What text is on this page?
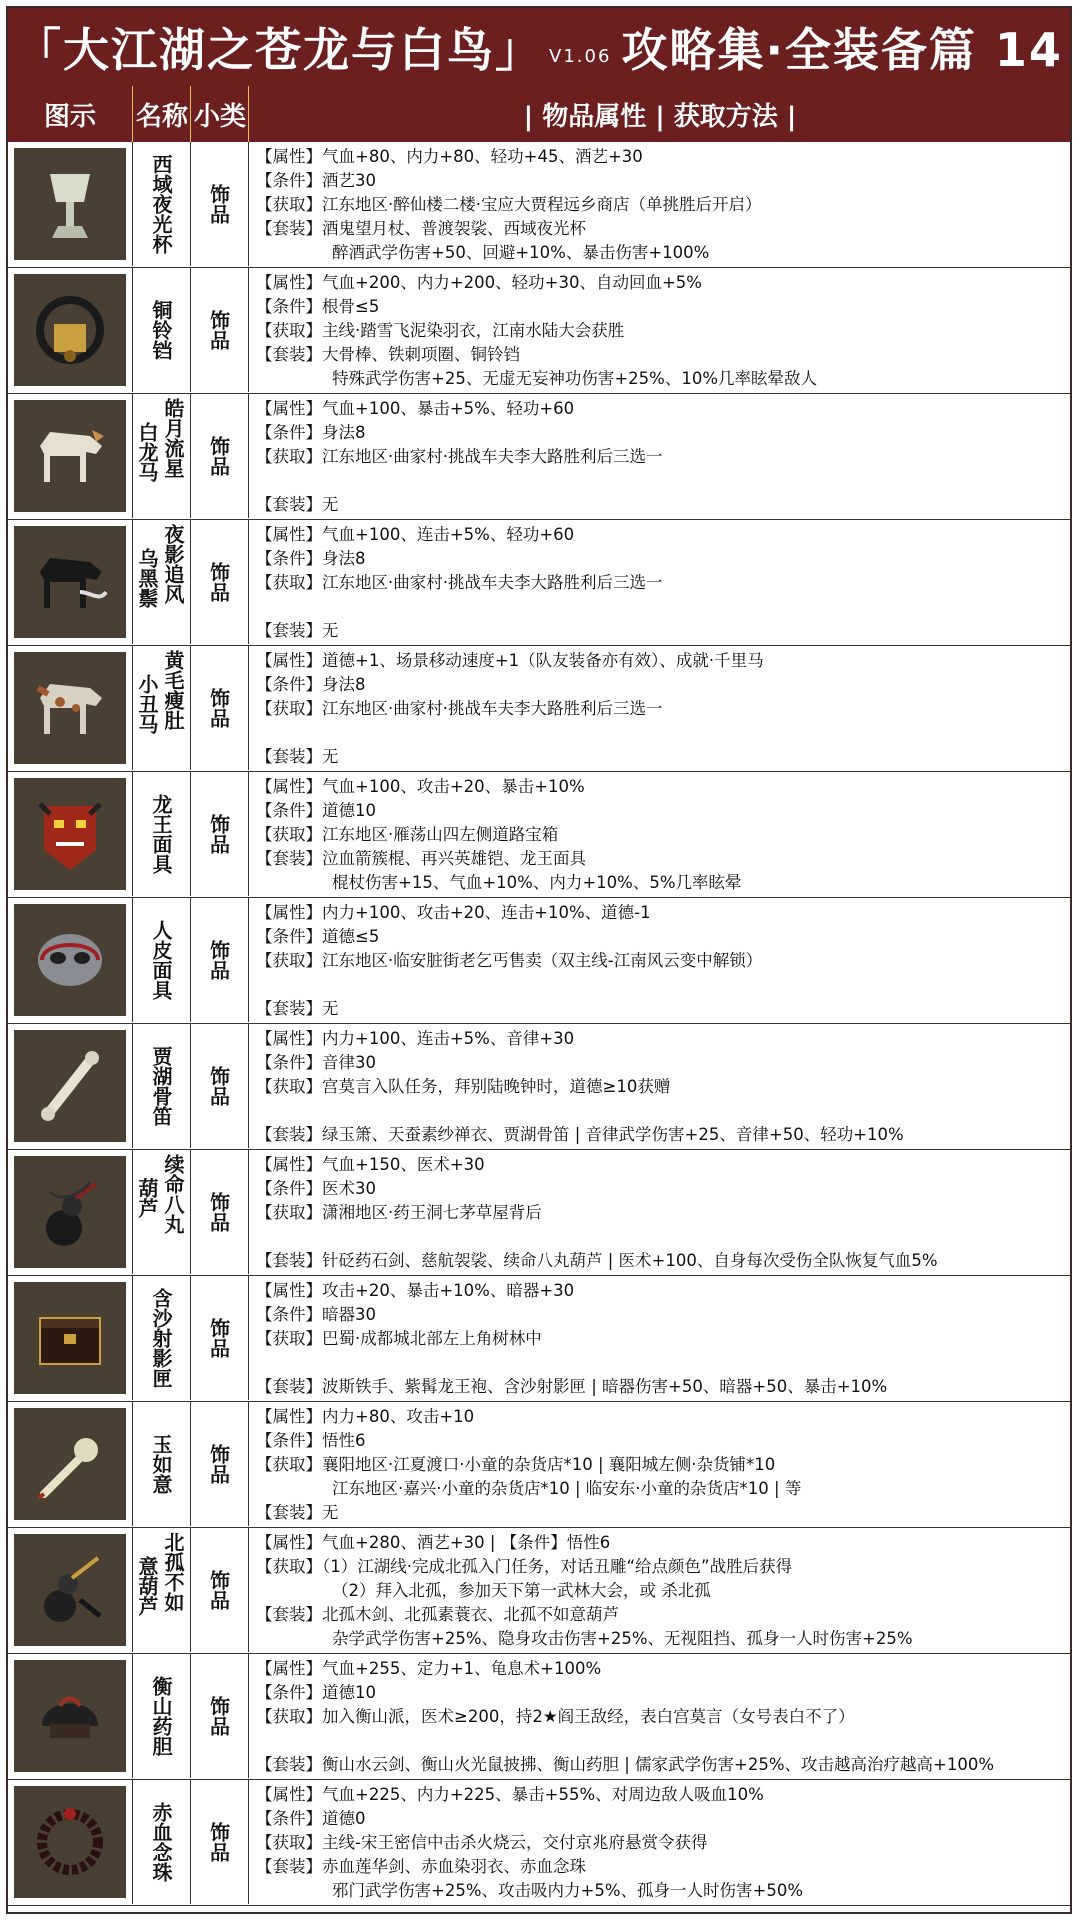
「大江湖之苍龙与白鸟」 V1.06 攻略集·全装备篇 14
图示	名称 小类	| 物品属性 | 获取方法 |
西域夜光杯 饰品
【属性】气血+80、内力+80、轻功+45、酒艺+30
【条件】酒艺30
【获取】江东地区·醉仙楼二楼·宝应大贾程远乡商店（单挑胜后开启）
【套装】酒鬼望月杖、普渡袈裟、西域夜光杯
醉酒武学伤害+50、回避+10%、暴击伤害+100%
铜铃铛 饰品
【属性】气血+200、内力+200、轻功+30、自动回血+5%
【条件】根骨≤5
【获取】主线·踏雪飞泥染羽衣，江南水陆大会获胜
【套装】大骨棒、铁刺项圈、铜铃铛
特殊武学伤害+25、无虚无妄神功伤害+25%、10%几率眩晕敌人
皓月流星
白龙马 饰品
【属性】气血+100、暴击+5%、轻功+60
【条件】身法8
【获取】江东地区·曲家村·挑战车夫李大路胜利后三选一
【套装】无
夜影追风
乌黑鬃 饰品
【属性】气血+100、连击+5%、轻功+60
【条件】身法8
【获取】江东地区·曲家村·挑战车夫李大路胜利后三选一
【套装】无
黄毛瘦肚
小丑马 饰品
【属性】道德+1、场景移动速度+1（队友装备亦有效）、成就·千里马
【条件】身法8
【获取】江东地区·曲家村·挑战车夫李大路胜利后三选一
【套装】无
龙王面具 饰品
【属性】气血+100、攻击+20、暴击+10%
【条件】道德10
【获取】江东地区·雁荡山四左侧道路宝箱
【套装】泣血箭簇棍、再兴英雄铠、龙王面具
棍杖伤害+15、气血+10%、内力+10%、5%几率眩晕
人皮面具 饰品
【属性】内力+100、攻击+20、连击+10%、道德-1
【条件】道德≤5
【获取】江东地区·临安脏街老乞丐售卖（双主线-江南风云变中解锁）
【套装】无
贾湖骨笛 饰品
【属性】内力+100、连击+5%、音律+30
【条件】音律30
【获取】宫莫言入队任务，拜别陆晚钟时，道德≥10获赠
【套装】绿玉箫、天蚕素纱禅衣、贾湖骨笛 | 音律武学伤害+25、音律+50、轻功+10%
续命八丸
葫芦 饰品
【属性】气血+150、医术+30
【条件】医术30
【获取】潇湘地区·药王洞七茅草屋背后
【套装】针砭药石剑、慈航袈裟、续命八丸葫芦 | 医术+100、自身每次受伤全队恢复气血5%
含沙射影匣 饰品
【属性】攻击+20、暴击+10%、暗器+30
【条件】暗器30
【获取】巴蜀·成都城北部左上角树林中
【套装】波斯铁手、紫髯龙王袍、含沙射影匣 | 暗器伤害+50、暗器+50、暴击+10%
玉如意 饰品
【属性】内力+80、攻击+10
【条件】悟性6
【获取】襄阳地区·江夏渡口·小童的杂货店*10 | 襄阳城左侧·杂货铺*10
江东地区·嘉兴·小童的杂货店*10 | 临安东·小童的杂货店*10 | 等
【套装】无
北孤不如
意葫芦 饰品
【属性】气血+280、酒艺+30 | 【条件】悟性6
【获取】（1）江湖线·完成北孤入门任务，对话丑雕“给点颜色”战胜后获得
（2）拜入北孤，参加天下第一武林大会，或 杀北孤
【套装】北孤木剑、北孤素蓑衣、北孤不如意葫芦
杂学武学伤害+25%、隐身攻击伤害+25%、无视阻挡、孤身一人时伤害+25%
衡山药胆 饰品
【属性】气血+255、定力+1、龟息术+100%
【条件】道德10
【获取】加入衡山派，医术≥200，持2★阎王敌经，表白宫莫言（女号表白不了）
【套装】衡山水云剑、衡山火光鼠披拂、衡山药胆 | 儒家武学伤害+25%、攻击越高治疗越高+100%
赤血念珠 饰品
【属性】气血+225、内力+225、暴击+55%、对周边敌人吸血10%
【条件】道德0
【获取】主线-宋王密信中击杀火烧云，交付京兆府悬赏令获得
【套装】赤血莲华剑、赤血染羽衣、赤血念珠
邪门武学伤害+25%、攻击吸内力+5%、孤身一人时伤害+50%
